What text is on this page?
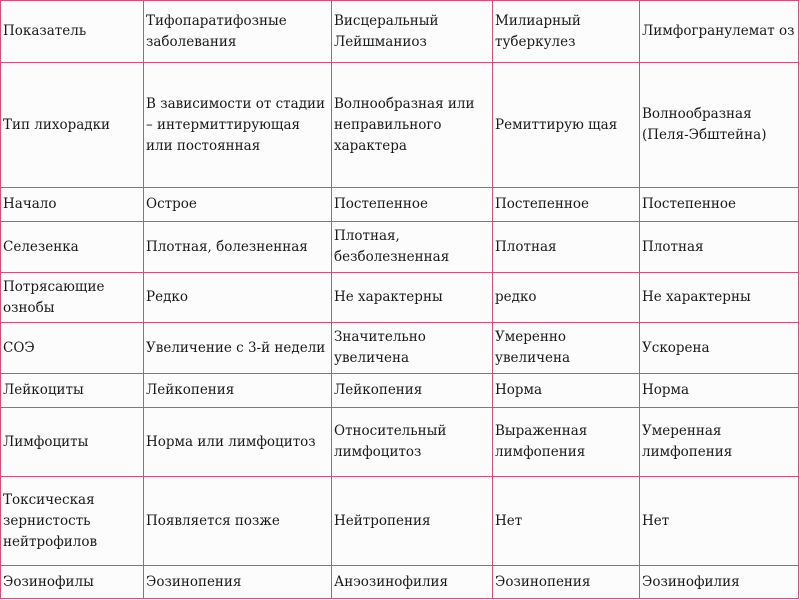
Показатель	Тифопаратифозные заболевания	Висцеральный Лейшманиоз	Милиарный туберкулез	Лимфогранулемат оз
Тип лихорадки	В зависимости от стадии – интермиттирующая или постоянная	Волнообразная или неправильного характера	Ремиттирую щая	Волнообразная (Пеля-Эбштейна)
Начало	Острое	Постепенное	Постепенное	Постепенное
Селезенка	Плотная, болезненная	Плотная, безболезненная	Плотная	Плотная
Потрясающие ознобы	Редко	Не характерны	редко	Не характерны
СОЭ	Увеличение с 3-й недели	Значительно увеличена	Умеренно увеличена	Ускорена
Лейкоциты	Лейкопения	Лейкопения	Норма	Норма
Лимфоциты	Норма или лимфоцитоз	Относительный лимфоцитоз	Выраженная лимфопения	Умеренная лимфопения
Токсическая зернистость нейтрофилов	Появляется позже	Нейтропения	Нет	Нет
Эозинофилы	Эозинопения	Анэозинофилия	Эозинопения	Эозинофилия
